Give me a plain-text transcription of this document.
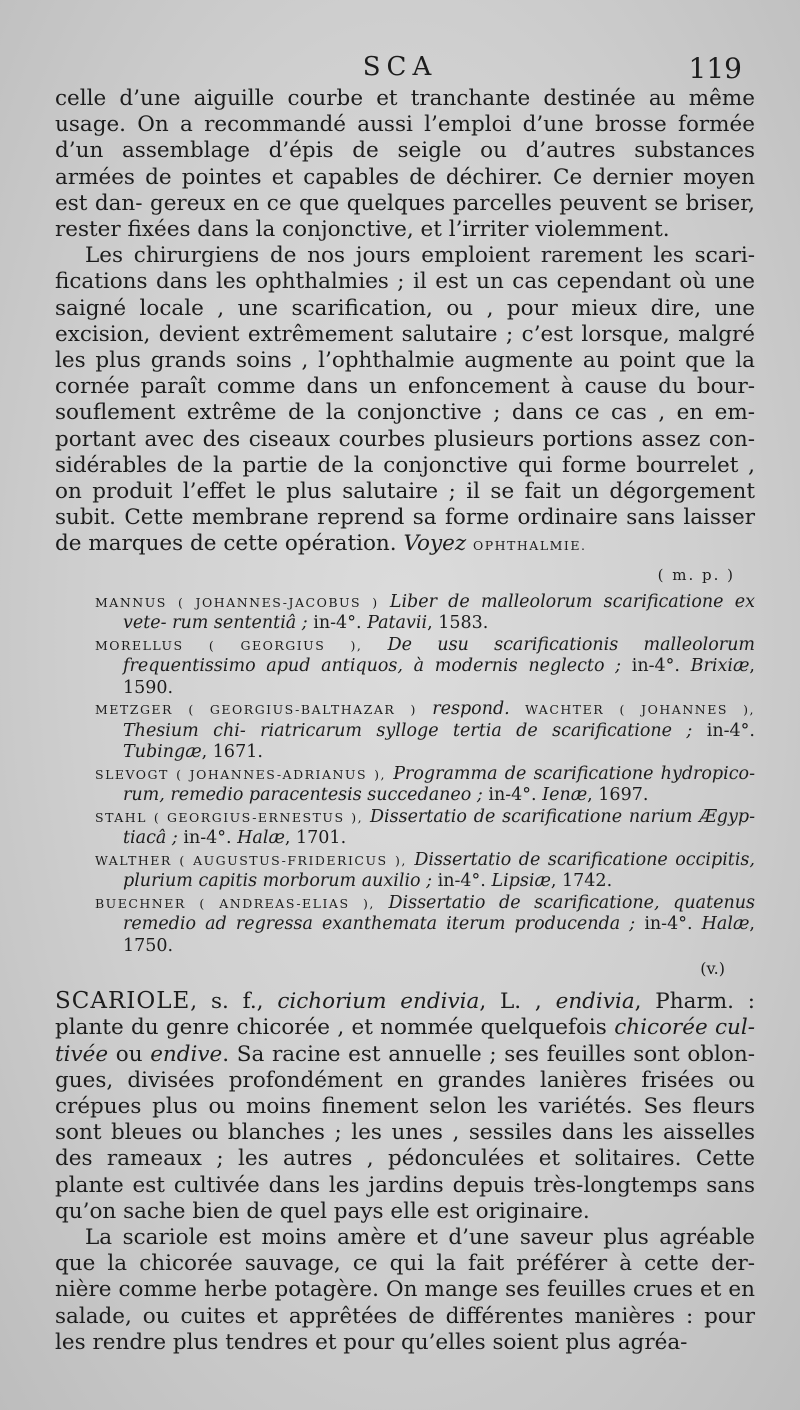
SCA	119

celle d’une aiguille courbe et tranchante destinée au même usage. On a recommandé aussi l’emploi d’une brosse formée d’un assemblage d’épis de seigle ou d’autres substances armées de pointes et capables de déchirer. Ce dernier moyen est dan- gereux en ce que quelques parcelles peuvent se briser, rester fixées dans la conjonctive, et l’irriter violemment.

Les chirurgiens de nos jours emploient rarement les scari- fications dans les ophthalmies ; il est un cas cependant où une saigné locale , une scarification, ou , pour mieux dire, une excision, devient extrêmement salutaire ; c’est lorsque, malgré les plus grands soins , l’ophthalmie augmente au point que la cornée paraît comme dans un enfoncement à cause du bour- souflement extrême de la conjonctive ; dans ce cas , en em- portant avec des ciseaux courbes plusieurs portions assez con- sidérables de la partie de la conjonctive qui forme bourrelet , on produit l’effet le plus salutaire ; il se fait un dégorgement subit. Cette membrane reprend sa forme ordinaire sans laisser de marques de cette opération. Voyez OPHTHALMIE.

( m. p. )
MANNUS ( JOHANNES-JACOBUS ) Liber de malleolorum scarificatione ex vete- rum sententiâ ; in-4°. Patavii, 1583.
MORELLUS ( GEORGIUS ), De usu scarificationis malleolorum frequentissimo apud antiquos, à modernis neglecto ; in-4°. Brixiæ, 1590.
METZGER ( GEORGIUS-BALTHAZAR ) respond. WACHTER ( JOHANNES ), Thesium chi- riatricarum sylloge tertia de scarificatione ; in-4°. Tubingæ, 1671.
SLEVOGT ( JOHANNES-ADRIANUS ), Programma de scarificatione hydropico- rum, remedio paracentesis succedaneo ; in-4°. Ienæ, 1697.
STAHL ( GEORGIUS-ERNESTUS ), Dissertatio de scarificatione narium Ægyp- tiacâ ; in-4°. Halæ, 1701.
WALTHER ( AUGUSTUS-FRIDERICUS ), Dissertatio de scarificatione occipitis, plurium capitis morborum auxilio ; in-4°. Lipsiæ, 1742.
BUECHNER ( ANDREAS-ELIAS ), Dissertatio de scarificatione, quatenus remedio ad regressa exanthemata iterum producenda ; in-4°. Halæ, 1750.
(v.)

SCARIOLE, s. f., cichorium endivia, L. , endivia, Pharm. : plante du genre chicorée , et nommée quelquefois chicorée cul- tivée ou endive. Sa racine est annuelle ; ses feuilles sont oblon- gues, divisées profondément en grandes lanières frisées ou crépues plus ou moins finement selon les variétés. Ses fleurs sont bleues ou blanches ; les unes , sessiles dans les aisselles des rameaux ; les autres , pédonculées et solitaires. Cette plante est cultivée dans les jardins depuis très-longtemps sans qu’on sache bien de quel pays elle est originaire.

La scariole est moins amère et d’une saveur plus agréable que la chicorée sauvage, ce qui la fait préférer à cette der- nière comme herbe potagère. On mange ses feuilles crues et en salade, ou cuites et apprêtées de différentes manières : pour les rendre plus tendres et pour qu’elles soient plus agréa-
